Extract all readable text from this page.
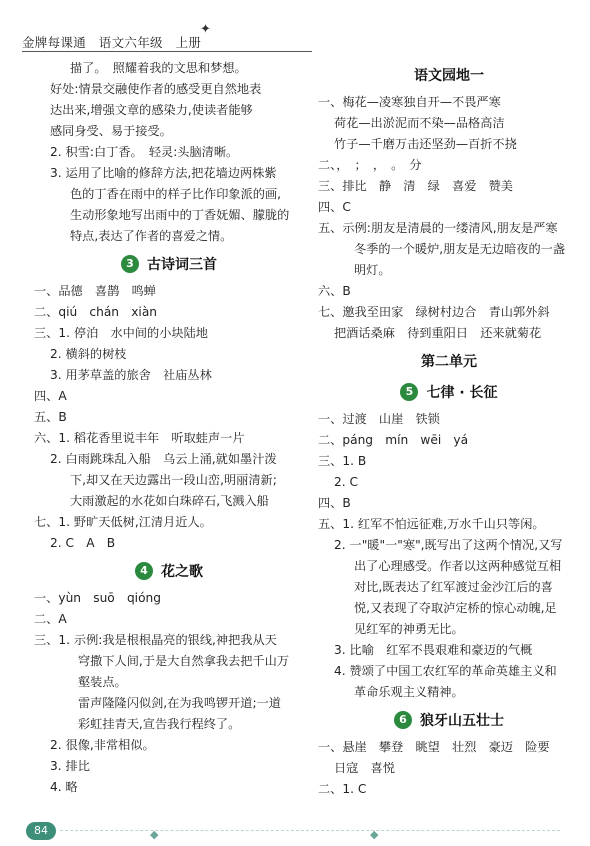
金牌每课通　语文六年级　上册
✦
描了。　照耀着我的文思和梦想。
好处:情景交融使作者的感受更自然地表
达出来,增强文章的感染力,使读者能够
感同身受、易于接受。
2. 积雪:白丁香。　轻灵:头脑清晰。
3. 运用了比喻的修辞方法,把花墙边两株紫
色的丁香在雨中的样子比作印象派的画,
生动形象地写出雨中的丁香妩媚、朦胧的
特点,表达了作者的喜爱之情。
3 古诗词三首
一、品德　喜鹊　鸣蝉
二、qiú　chán　xiàn
三、1. 停泊　水中间的小块陆地
2. 横斜的树枝
3. 用茅草盖的旅舍　社庙丛林
四、A
五、B
六、1. 稻花香里说丰年　听取蛙声一片
2. 白雨跳珠乱入船　乌云上涌,就如墨汁泼
下,却又在天边露出一段山峦,明丽清新;
大雨激起的水花如白珠碎石,飞溅入船
七、1. 野旷天低树,江清月近人。
2. C　A　B
4 花之歌
一、yùn　suō　qióng
二、A
三、1. 示例:我是根根晶亮的银线,神把我从天
穹撒下人间,于是大自然拿我去把千山万
壑装点。
雷声隆隆闪似剑,在为我鸣锣开道;一道
彩虹挂青天,宣告我行程终了。
2. 很像,非常相似。
3. 排比
4. 略
语文园地一
一、梅花—凌寒独自开—不畏严寒
荷花—出淤泥而不染—品格高洁
竹子—千磨万击还坚劲—百折不挠
二、，　；　，　。　分
三、排比　静　清　绿　喜爱　赞美
四、C
五、示例:朋友是清晨的一缕清风,朋友是严寒
冬季的一个暖炉,朋友是无边暗夜的一盏
明灯。
六、B
七、邀我至田家　绿树村边合　青山郭外斜
把酒话桑麻　待到重阳日　还来就菊花
第二单元
5 七律 · 长征
一、过渡　山崖　铁锁
二、páng　mín　wēi　yá
三、1. B
2. C
四、B
五、1. 红军不怕远征难,万水千山只等闲。
2. 一"暖"一"寒",既写出了这两个情况,又写
出了心理感受。作者以这两种感觉互相
对比,既表达了红军渡过金沙江后的喜
悦,又表现了夺取泸定桥的惊心动魄,足
见红军的神勇无比。
3. 比喻　红军不畏艰难和豪迈的气概
4. 赞颂了中国工农红军的革命英雄主义和
革命乐观主义精神。
6 狼牙山五壮士
一、悬崖　攀登　眺望　壮烈　豪迈　险要
日寇　喜悦
二、1. C
84	◆	◆
